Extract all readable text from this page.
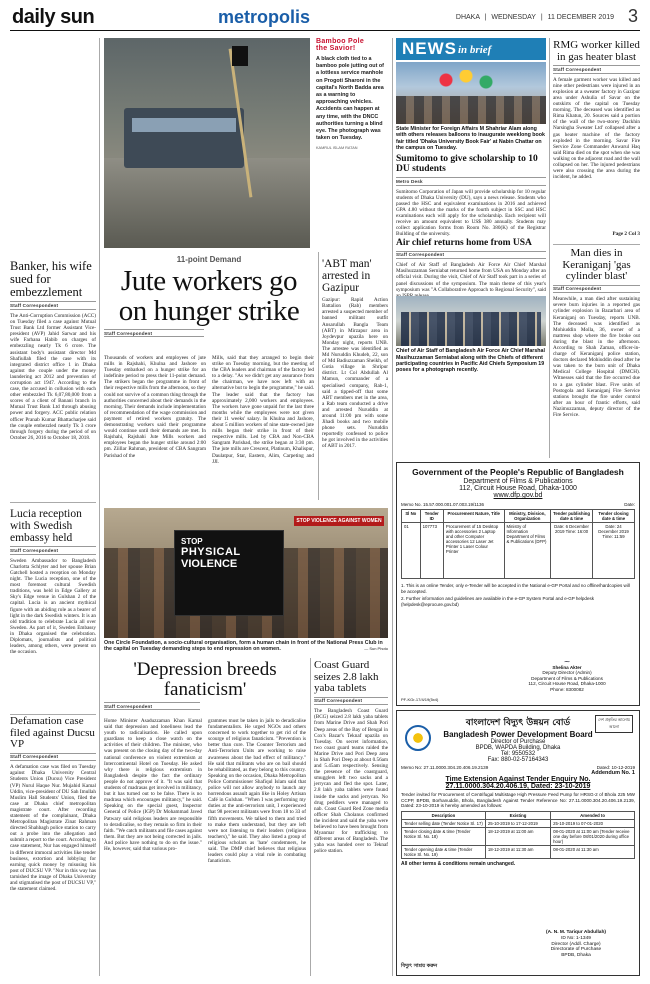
daily sun	metropolis	DHAKA | WEDNESDAY | 11 DECEMBER 2019 3
Banker, his wife sued for embezzlement
Staff Correspondent
The Anti-Corruption Commission (ACC) on Tuesday filed a case against Mutual Trust Bank Ltd former Assistant Vice-president (AVP) Jahid Sarwar and his wife Farhana Habib on charges of embezzling nearly Tk 6 crore. The assistant body's assistant director Md Shafiullah filed the case with its integrated district office 1 in Dhaka against the couple under the money laundering act 2012 and prevention of corruption act 1947. According to the case, the accused in collusion with each other embezzled Tk 6,07,80,000 from a scores of a client of Banani branch in Mutual Trust Bank Ltd through abusing power and forgery. ACC public relation officer Pranab Kumar Bhattacharjee said the couple embezzled nearly Tk 3 crore through forgery during the period of on October 26, 2016 to October 18, 2018.
Lucia reception with Swedish embassy held
Staff Correspondent
Sweden Ambassador to Bangladesh Charlotta Schlyter and her spouse Brian Gatchell hosted a reception on Monday night. The Lucia reception, one of the most foremost cultural Swedish traditions, was held in Edge Gallery at Sky's Edge venue in Gulshan 2 of the capital. Lucia is an ancient mythical figure with an abiding role as a bearer of light in the dark Swedish winters. It is an old tradition to celebrate Lucia all over Sweden. As part of it, Sweden Embassy in Dhaka organised the celebration. Diplomats, journalists and political leaders, among others, were present on the occasion.
Defamation case filed against Ducsu VP
Staff Correspondent
A defamation case was filed on Tuesday against Dhaka University Central Students Union (Ducsu) Vice President (VP) Nurul Haque Nur. Mujahid Kamal Uddin, vice-president of DU Sah Imullah Muslim Hall Students' Union, filed the case at Dhaka chief metropolitan magistrate court. After recording statement of the complainant, Dhaka Metropolitan Magistrate Zinat Rahman directed Shahbagh police station to carry out a probe into the allegation and submit a report to the court. According to case statement, Nur has engaged himself in different immoral activities like tender business, extortion and lobbying for earning quick money by misusing his post of DUCSU VP. "Nur in this way has tarnished the image of Dhaka University and stigmatised the post of DUCSU VP," the statement claimed.
Bamboo Pole
the Savior!
A black cloth tied to a bamboo pole jutting out of a lottless service manhole on Progoti Sharoni in the capital's North Badda area as a warning to approaching vehicles. Accidents can happen at any time, with the DNCC authorities turning a blind eye. The photograph was taken on Tuesday.
KAMRUL ISLAM RATAN
11-point Demand
Jute workers go on hunger strike
Staff Correspondent
Thousands of workers and employees of jute mills in Rajshahi, Khulna and Jashore on Tuesday embarked on a hunger strike for an indefinite period to press their 11-point demand. The strikers began the programme in front of their respective mills from the afternoon, so they could not survive of a common thing through the authorities concerned about their demands in the morning. Their demands include implementation of recommendation of the wage commission and payment of retired workers gratuity. The demonstrating workers said their programme would continue until their demands are met. In Rajshahi, Rajshahi Jute Mills workers and employees began the hunger strike around 2:00 pm. Ziillar Rahman, president of CBA Sangram Parishad of the
Mills, said that they arranged to begin their strike on Tuesday morning, but the meeting of the CBA leaders and chairman of the factory led to a delay. "As we didn't get any assurance from the chairman, we have now left with an alternative but to begin the programme," he said. The leader said that the factory has approximately 2,000 workers and employees. The workers have gone unpaid for the last three months while the employees were not given their 11 weeks' salary. In Khulna and Jashore, about 5 million workers of nine state-owned jute mills began their strike in front of their respective mills. Led by CBA and Non-CBA Sangram Parishad, the strike began at 3:30 pm. The jute mills are Crescent, Platinum, Khalispur, Daulatpur, Star, Eastern, Alim, Carpeting and JJI.
'ABT man' arrested in Gazipur
Gazipur: Rapid Action Battalion (Rab) members arrested a suspected member of banned militant outfit Ansarullah Bangla Team (ABT) in Mirzapur area in Joydevpur upazila here on Monday night, reports UNB. The arrestee was identified as Md Nuruddin Khudeb, 22, son of Md Badiuzzaman Sheikh, of Gotia village in Shripur district. Lt Col Abdullah Al Mamun, commander of a specialised company, Rab-1, said a tipped-off that some ABT members met in the area, a Rab team conducted a drive and arrested Nuruddin at around 11:00 pm with some Jihadi books and two mobile phone sets. Nuruddin reportedly confessed to police he got involved in the activities of ABT in 2017.
STOP
PHYSICAL
VIOLENCE
STOP VIOLENCE AGAINST WOMEN
One Circle Foundation, a socio-cultural organisation, form a human chain in front of the National Press Club in the capital on Tuesday demanding steps to end repression on women.	— Sun Photo
'Depression breeds fanaticism'
Staff Correspondent
Home Minister Asaduzzaman Khan Kamal said that depression and loneliness lead the youth to radicalisation. He called upon guardians to keep a close watch on the activities of their children. The minister, who was present on the closing day of the two-day national conference on violent extremism at Intercontinental Hotel on Tuesday. He asked why there is religious extremism in Bangladesh despite the fact the ordinary people do not approve of it. "It was said that students of madrasas get involved in militancy, but it has turned out to be false. There is no madrasa which encourages militancy," he said. Speaking on the special guest, Inspector General of Police (IGP) Dr Mohammad Javed Patwary said religious leaders are responsible to deradicalise, so they remain so firm in their faith. "We catch militants and file cases against them. But they are not being corrected in jails. And police have nothing to do on the issue." He, however, said that various pro-
grammes must be taken in jails to deradicalise fundamentalists. He urged NGOs and others concerned to work together to get rid of the scourge of religious fanaticism. "Prevention is better than cure. The Counter Terrorism and Anti-Terrorism Units are working to raise awareness about the bad effect of militancy." He said that militants who are on bail should be rehabilitated, as they belong to this country. Speaking on the occasion, Dhaka Metropolitan Police Commissioner Shafiqul Islam said that police will not allow anybody to launch any horrendous assault again like in Holey Artisan Café in Gulshan. "When I was performing my duties at the anti-terrorism unit, I experienced that 98 percent militants were from 18 to 33 of fifth movements. We talked to them and tried to make them understand, but they are left were not listening to their leaders (religious teachers)," he said. They also listed a group of religious scholars as 'hate' condemners, he said. The DMP chief believes that religious leaders could play a vital role in combating fanaticism.
Coast Guard seizes 2.8 lakh yaba tablets
Staff Correspondent
The Bangladesh Coast Guard (BCG) seized 2.8 lakh yaba tablets from Marine Drive and Shah Pori Deep areas of the Bay of Bengal in Cox's Bazar's Teknaf upazila on Tuesday. On secret information, two coast guard teams raided the Marine Drive and Pori Deep area in Shah Pori Deep at about 0.56am and 5.45am respectively. Sensing the presence of the coastguard, smugglers left two sacks and a jerrycan and fled the spot. Later, 2.8 lakh yaba tablets were found inside the sacks and jerrycan. No drug peddlers were managed to nab. Coast Guard Red Zone media officer Shah Cholanus confirmed the incident and said the yaba were believed to have been brought from Myanmar for trafficking to different areas of Bangladesh. The yaba was handed over to Teknaf police station.
NEWS in brief
State Minister for Foreign Affairs M Shahriar Alam along with others releases balloons to inaugurate weeklong book fair titled 'Dhaka University Book Fair' at Nabin Chattar on the campus on Tuesday.
Sumitomo to give scholarship to 10 DU students
Metro Desk
Sumitomo Corporation of Japan will provide scholarship for 10 regular students of Dhaka University (DU), says a news release. Students who passed the HSC and equivalent examinations in 2016 and achieved GPA 4.80 without the marks of the fourth subject in SSC and HSC examinations each will apply for the scholarship. Each recipient will receive an amount equivalent to US$ 380 annually. Students may collect application forms from Room No. 380(K) of the Registrar Building of the university.
Air chief returns home from USA
Staff Correspondent
Chief of Air Staff of Bangladesh Air Force Air Chief Marshal Masihuzzaman Serniabat returned home from USA on Monday after an official visit. During the visit, Chief of Air Staff took part in a series of panel discussions of the symposium. The main theme of this year's symposium was "A Collaborative Approach to Regional Security", said
Chief of Air Staff of Bangladesh Air Force Air Chief Marshal Masihuzzaman Serniabat along with the Chiefs of different participating countries in Pacific Aid Chiefs Symposium 19 poses for a photograph recently.
RMG worker killed in gas heater blast
Staff Correspondent
A female garment worker was killed and nine other pedestrians were injured in an explosion at a sweater factory in Gazipur area under Ashulia of Savar on the outskirts of the capital on Tuesday morning. The deceased was identified as Rima Khatun, 20. Sources said a portion of the wall of the two-storey Dackhin Narsingha Sweater Ltd' collapsed after a gas heater machine of the factory exploded in the morning. Savar Fire Service Zone Commander Anwarul Haq said Rima died on the spot when she was walking on the adjacent road and the wall collapsed on her. The injured pedestrians were also crossing the area during the incident, he added.
Page 2 Col 3
Man dies in Keraniganj 'gas cylinder blast'
Staff Correspondent
Meanwhile, a man died after sustaining severe burn injuries in a reported gas cylinder explosion in Bazarbari area of Keraniganj on Tuesday, reports UNB. The deceased was identified as Mohiuddin Molla, 36, owner of a mattress shop where the fire broke out during the blast in the afternoon. According to Shah Zaman, officer-in-charge of Keraniganj police station, doctors declared Mohiuddin dead after he was taken to the burn unit of Dhaka Medical College Hospital (DMCH). Witnesses said that the fire occurred due to a gas cylinder blast. Five units of Postogola and Keraniganj Fire Service stations brought the fire under control after an hour of frantic efforts, said Nazimuzzaman, deputy director of the Fire Service.
Government of the People's Republic of Bangladesh
Department of Films & Publications
112, Circuit House Road, Dhaka-1000
www.dfp.gov.bd
Memo No. 15.57.000.001.07.003.19/1136	Date:
Sl No	Tender ID	Procurement Nature, Title	Ministry, Division, Organization	Tender publishing date & time	Tender closing date & time
01	107773	Procurement of 15 Desktop with accessories 2 Laptop and other Computer accessories 12 Laser Jet Printer 1 Laser Colour Printer	Ministry of Information Department of Films & Publications (DFP)	Date: 6 December 2019 Time: 16:00	Date: 24 December 2019 Time: 11:59
1. This is an online Tender, only e-Tender will be accepted in the National e-GP Portal and no offline/hardcopies will be accepted.
2. Further information and guidelines are available in the e-GP System Portal and e-GP helpdesk (helpdesk@eprocure.gov.bd)
~
Shelina Akter
Deputy Director (Admin)
Department of Films & Publications
112, Circuit House Road, Dhaka-1000
Phone: 8300082
PF-KGr-17/4/19(5x4)
বাংলাদেশ বিদ্যুৎ উন্নয়ন বোর্ড
Bangladesh Power Development Board
Director of Purchase
BPDB, WAPDA Building, Dhaka
Tel: 9550532
Fax: 880-02-57164343
দেশ প্রকৃতির আলোয় আলো
Memo No: 27.11.0000.304.20.406.19.2139	Dated: 10-12-2019
Addendum No. 1
Time Extension Against Tender Enquiry No.
27.11.0000.304.20.406.19, Dated: 23-10-2019
Tender invited for Procurement of Centrifugal Multistage High Pressure Feed Pump for HRSG-2 of Bhola 225 MW CCPP, BPDB, Borhanuddin, Bhola, Bangladesh Against Tender Reference No: 27.11.0000.304.20.406.19.2139, Dated: 23-10-2019 is hereby amended as follows:
Description	Existing	Amended to
Tender selling date (Tender Notice Sl. 17)	25-10-2019 to 17-12-2019	25-10-2019 to 07-01-2020
Tender closing date & time (Tender Notice Sl. No. 18)	18-12-2019 at 11:00 am	08-01-2020 at 11:00 am (Tender receive one day before 08/01/2020 during office hour)
Tender opening date & time (Tender Notice Sl. No. 19)	18-12-2019 at 11:30 am	08-01-2020 at 11:30 am
All other terms & conditions remain unchanged.
(A. N. M. Tariqur Abdullah)
ID No: 1-1349
Director (Addl. Charge)
Directorate of Purchase
BPDB, Dhaka
বিদ্যুৎ সাশ্রয় করুন
